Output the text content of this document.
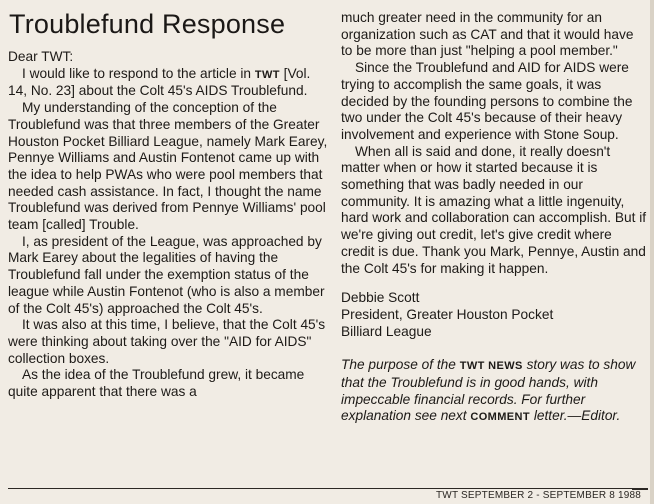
Troublefund Response

Dear TWT:

I would like to respond to the article in TWT [Vol. 14, No. 23] about the Colt 45's AIDS Troublefund.

My understanding of the conception of the Troublefund was that three members of the Greater Houston Pocket Billiard League, namely Mark Earey, Pennye Williams and Austin Fontenot came up with the idea to help PWAs who were pool members that needed cash assistance. In fact, I thought the name Troublefund was derived from Pennye Williams' pool team [called] Trouble.

I, as president of the League, was approached by Mark Earey about the legalities of having the Troublefund fall under the exemption status of the league while Austin Fontenot (who is also a member of the Colt 45's) approached the Colt 45's.

It was also at this time, I believe, that the Colt 45's were thinking about taking over the "AID for AIDS" collection boxes.

As the idea of the Troublefund grew, it became quite apparent that there was a

much greater need in the community for an organization such as CAT and that it would have to be more than just "helping a pool member."

Since the Troublefund and AID for AIDS were trying to accomplish the same goals, it was decided by the founding persons to combine the two under the Colt 45's because of their heavy involvement and experience with Stone Soup.

When all is said and done, it really doesn't matter when or how it started because it is something that was badly needed in our community. It is amazing what a little ingenuity, hard work and collaboration can accomplish. But if we're giving out credit, let's give credit where credit is due. Thank you Mark, Pennye, Austin and the Colt 45's for making it happen.

Debbie Scott

President, Greater Houston Pocket

Billiard League

The purpose of the TWT NEWS story was to show that the Troublefund is in good hands, with impeccable financial records. For further explanation see next COMMENT letter.—Editor.

TWT SEPTEMBER 2 - SEPTEMBER 8 1988
